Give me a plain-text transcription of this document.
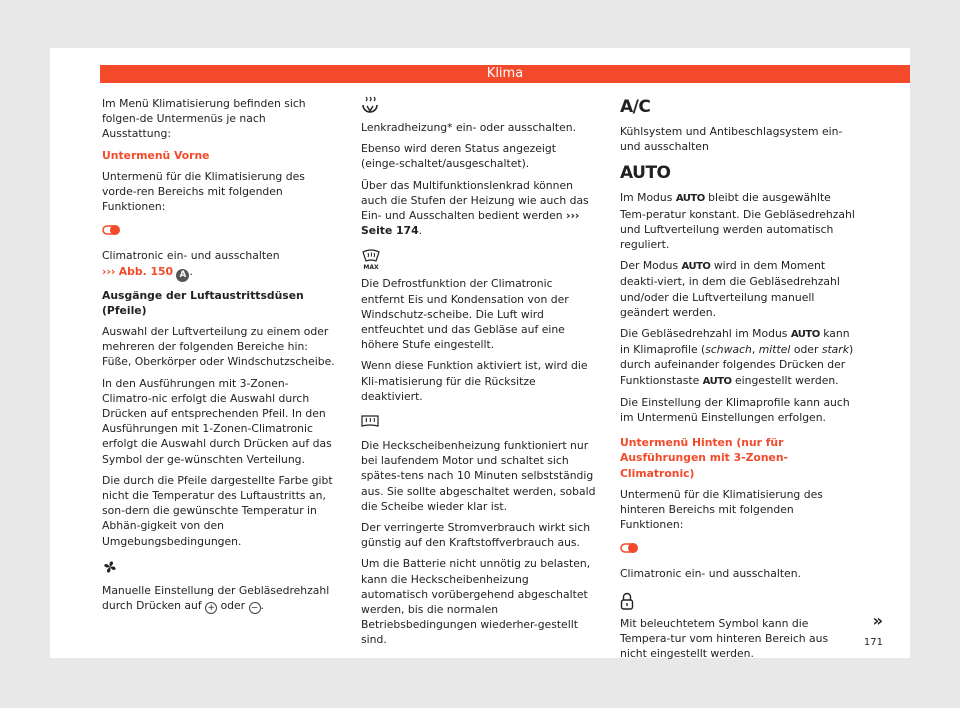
Klima

Im Menü Klimatisierung befinden sich folgen-de Untermenüs je nach Ausstattung:

Untermenü Vorne

Untermenü für die Klimatisierung des vorde-ren Bereichs mit folgenden Funktionen:

Climatronic ein- und ausschalten
››› Abb. 150 A .

Ausgänge der Luftaustrittsdüsen (Pfeile)

Auswahl der Luftverteilung zu einem oder mehreren der folgenden Bereiche hin: Füße, Oberkörper oder Windschutzscheibe.

In den Ausführungen mit 3-Zonen-Climatro-nic erfolgt die Auswahl durch Drücken auf entsprechenden Pfeil. In den Ausführungen mit 1-Zonen-Climatronic erfolgt die Auswahl durch Drücken auf das Symbol der ge-wünschten Verteilung.

Die durch die Pfeile dargestellte Farbe gibt nicht die Temperatur des Luftaustritts an, son-dern die gewünschte Temperatur in Abhän-gigkeit von den Umgebungsbedingungen.

Manuelle Einstellung der Gebläsedrehzahl durch Drücken auf + oder − .

Lenkradheizung* ein- oder ausschalten.

Ebenso wird deren Status angezeigt (einge-schaltet/ausgeschaltet).

Über das Multifunktionslenkrad können auch die Stufen der Heizung wie auch das Ein- und Ausschalten bedient werden ››› Seite 174.

MAX

Die Defrostfunktion der Climatronic entfernt Eis und Kondensation von der Windschutz-scheibe. Die Luft wird entfeuchtet und das Gebläse auf eine höhere Stufe eingestellt.

Wenn diese Funktion aktiviert ist, wird die Kli-matisierung für die Rücksitze deaktiviert.

Die Heckscheibenheizung funktioniert nur bei laufendem Motor und schaltet sich spätes-tens nach 10 Minuten selbstständig aus. Sie sollte abgeschaltet werden, sobald die Scheibe wieder klar ist.

Der verringerte Stromverbrauch wirkt sich günstig auf den Kraftstoffverbrauch aus.

Um die Batterie nicht unnötig zu belasten, kann die Heckscheibenheizung automatisch vorübergehend abgeschaltet werden, bis die normalen Betriebsbedingungen wiederher-gestellt sind.

A/C

Kühlsystem und Antibeschlagsystem ein- und ausschalten

AUTO

Im Modus AUTO bleibt die ausgewählte Tem-peratur konstant. Die Gebläsedrehzahl und Luftverteilung werden automatisch reguliert.

Der Modus AUTO wird in dem Moment deakti-viert, in dem die Gebläsedrehzahl und/oder die Luftverteilung manuell geändert werden.

Die Gebläsedrehzahl im Modus AUTO kann in Klimaprofile (schwach, mittel oder stark) durch aufeinander folgendes Drücken der Funktionstaste AUTO eingestellt werden.

Die Einstellung der Klimaprofile kann auch im Untermenü Einstellungen erfolgen.

Untermenü Hinten (nur für Ausführungen mit 3-Zonen-Climatronic)

Untermenü für die Klimatisierung des hinteren Bereichs mit folgenden Funktionen:

Climatronic ein- und ausschalten.

Mit beleuchtetem Symbol kann die Tempera-tur vom hinteren Bereich aus nicht eingestellt werden.

»
171
